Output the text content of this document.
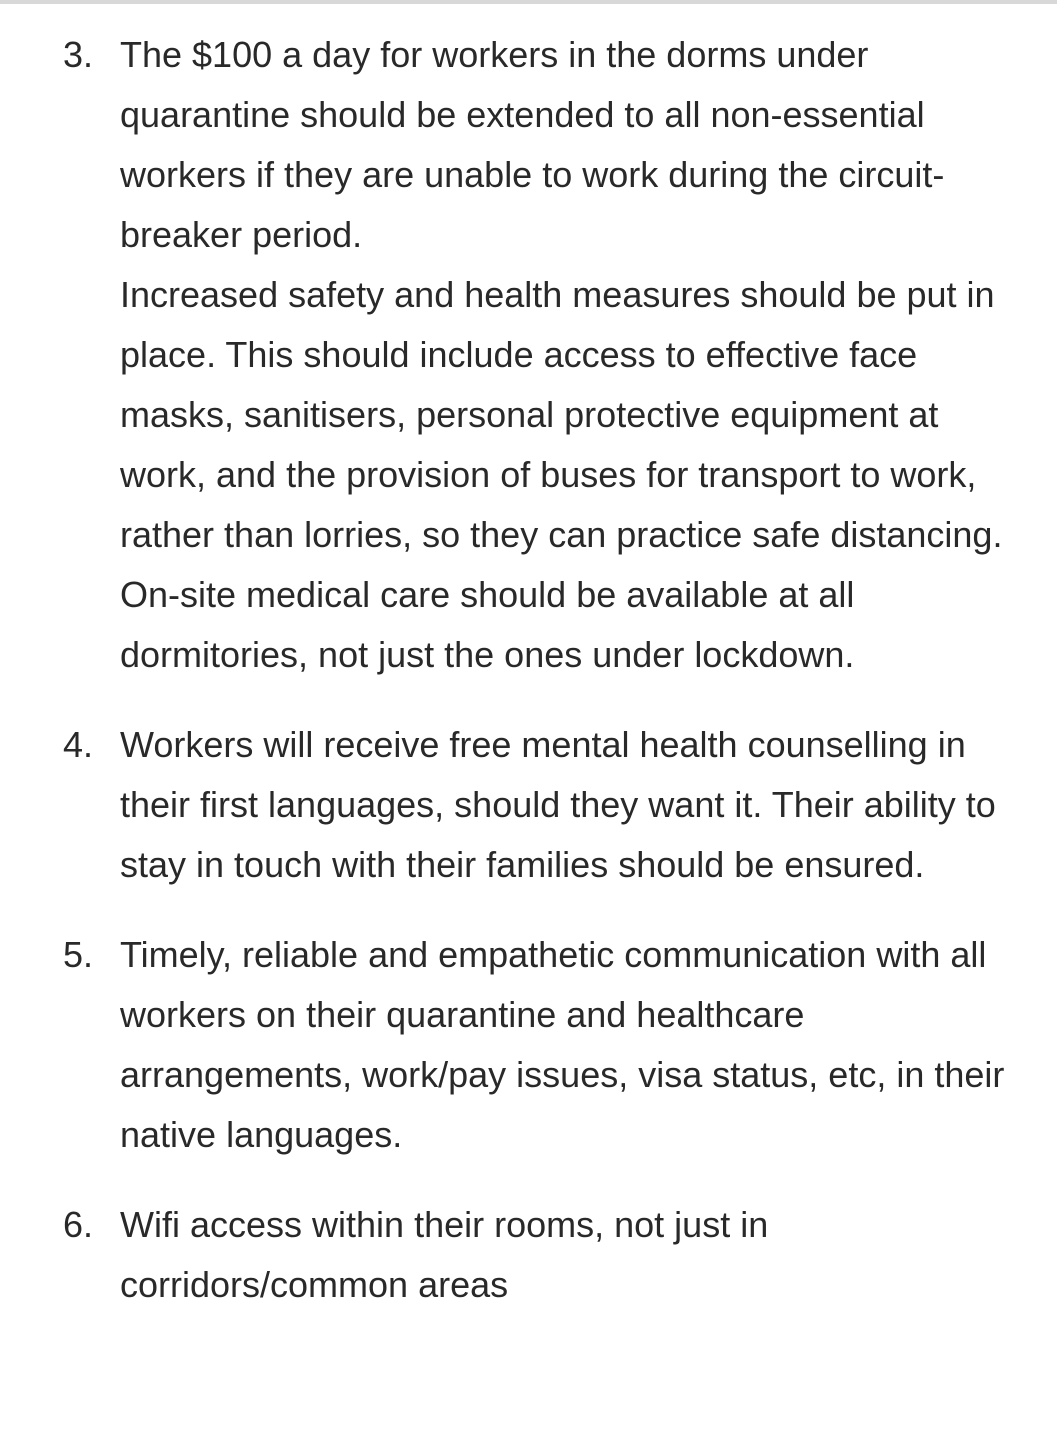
3. The $100 a day for workers in the dorms under quarantine should be extended to all non-essential workers if they are unable to work during the circuit-breaker period.

Increased safety and health measures should be put in place. This should include access to effective face masks, sanitisers, personal protective equipment at work, and the provision of buses for transport to work, rather than lorries, so they can practice safe distancing. On-site medical care should be available at all dormitories, not just the ones under lockdown.

4. Workers will receive free mental health counselling in their first languages, should they want it. Their ability to stay in touch with their families should be ensured.

5. Timely, reliable and empathetic communication with all workers on their quarantine and healthcare arrangements, work/pay issues, visa status, etc, in their native languages.

6. Wifi access within their rooms, not just in corridors/common areas
